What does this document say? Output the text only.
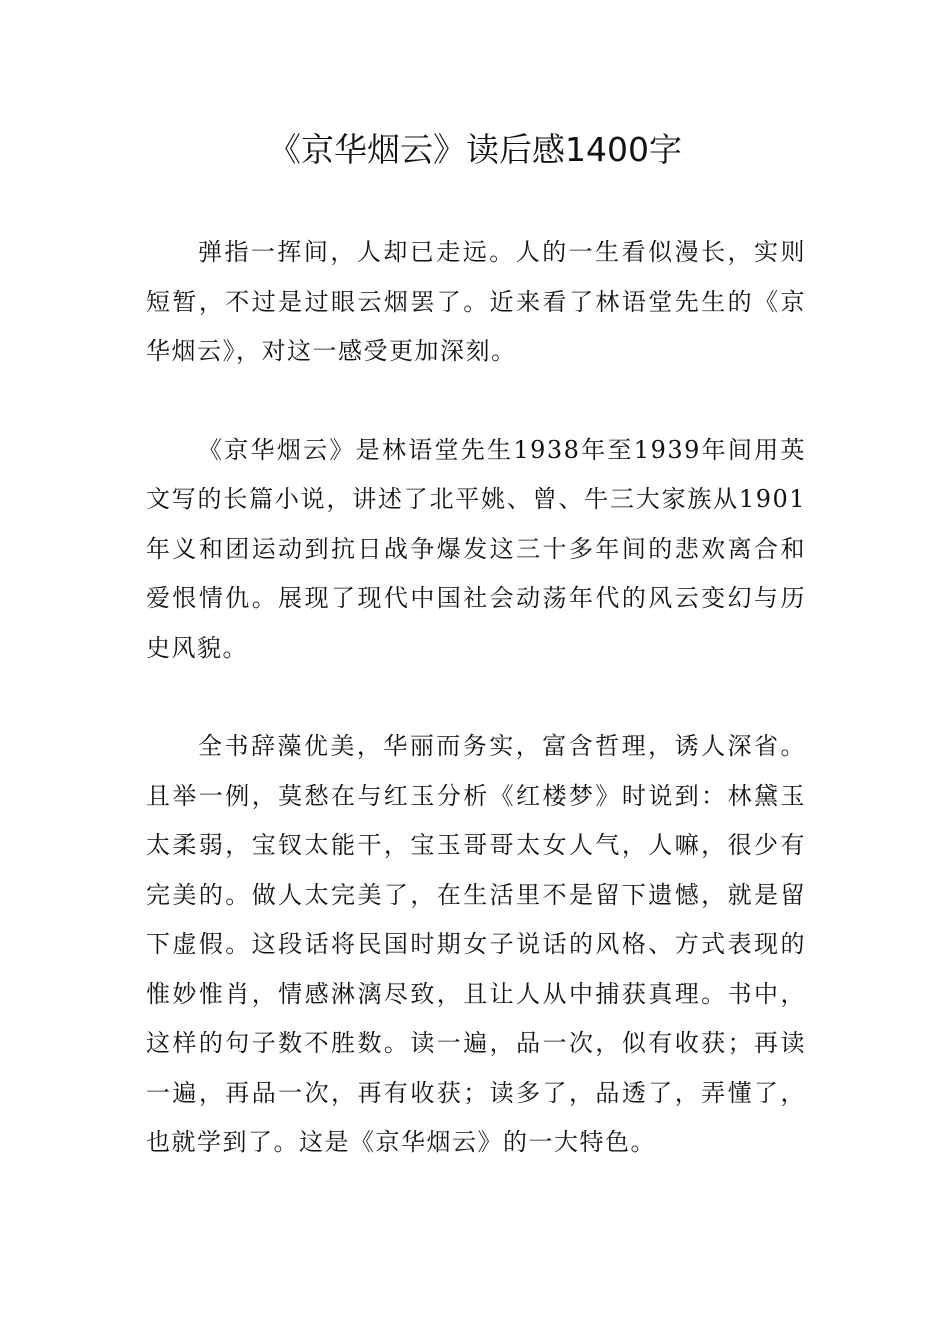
《京华烟云》读后感1400字

弹指一挥间，人却已走远。人的一生看似漫长，实则短暂，不过是过眼云烟罢了。近来看了林语堂先生的《京华烟云》，对这一感受更加深刻。

《京华烟云》是林语堂先生1938年至1939年间用英文写的长篇小说，讲述了北平姚、曾、牛三大家族从1901年义和团运动到抗日战争爆发这三十多年间的悲欢离合和爱恨情仇。展现了现代中国社会动荡年代的风云变幻与历史风貌。

全书辞藻优美，华丽而务实，富含哲理，诱人深省。且举一例，莫愁在与红玉分析《红楼梦》时说到：林黛玉太柔弱，宝钗太能干，宝玉哥哥太女人气，人嘛，很少有完美的。做人太完美了，在生活里不是留下遗憾，就是留下虚假。这段话将民国时期女子说话的风格、方式表现的惟妙惟肖，情感淋漓尽致，且让人从中捕获真理。书中，这样的句子数不胜数。读一遍，品一次，似有收获；再读一遍，再品一次，再有收获；读多了，品透了，弄懂了，也就学到了。这是《京华烟云》的一大特色。
